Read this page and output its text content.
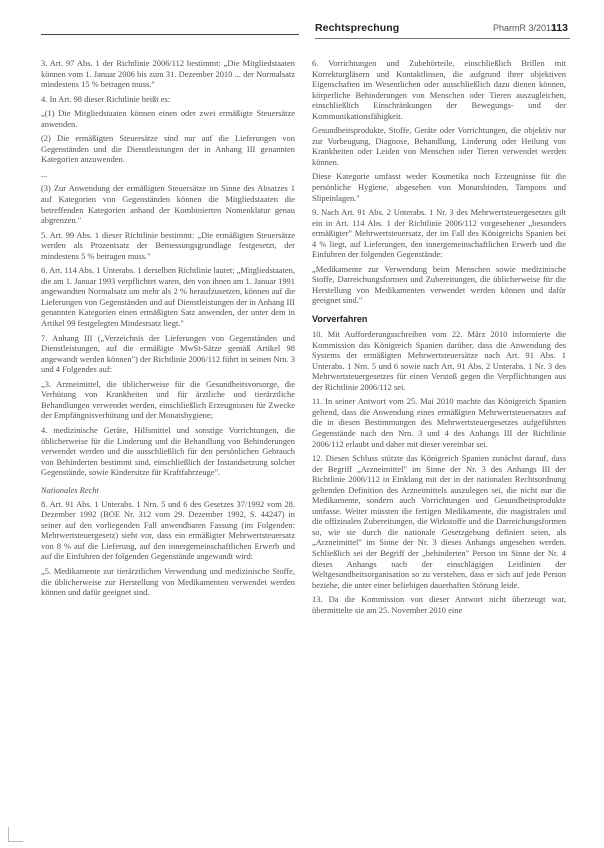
Rechtsprechung	PharmR 3/2013
113

3. Art. 97 Abs. 1 der Richtlinie 2006/112 bestimmt: „Die Mitgliedstaaten können vom 1. Januar 2006 bis zum 31. Dezember 2010 ... der Normalsatz mindestens 15 % betragen muss."

4. In Art. 98 dieser Richtlinie heißt es:

„(1) Die Mitgliedstaaten können einen oder zwei ermäßigte Steuersätze anwenden.

(2) Die ermäßigten Steuersätze sind nur auf die Lieferungen von Gegenständen und die Dienstleistungen der in Anhang III genannten Kategorien anzuwenden.

...

(3) Zur Anwendung der ermäßigten Steuersätze im Sinne des Absatzes 1 auf Kategorien von Gegenständen können die Mitgliedstaaten die betreffenden Kategorien anhand der Kombinierten Nomenklatur genau abgrenzen."

5. Art. 99 Abs. 1 dieser Richtlinie bestimmt: „Die ermäßigten Steuersätze werden als Prozentsatz der Bemessungsgrundlage festgesetzt, der mindestens 5 % betragen muss."

6. Art. 114 Abs. 1 Unterabs. 1 derselben Richtlinie lautet: „Mitgliedstaaten, die am 1. Januar 1993 verpflichtet waren, den von ihnen am 1. Januar 1991 angewandten Normalsatz um mehr als 2 % heraufzusetzen, können auf die Lieferungen von Gegenständen und auf Dienstleistungen der in Anhang III genannten Kategorien einen ermäßigten Satz anwenden, der unter dem in Artikel 99 festgelegten Mindestsatz liegt."

7. Anhang III („Verzeichnis der Lieferungen von Gegenständen und Dienstleistungen, auf die ermäßigte MwSt-Sätze gemäß Artikel 98 angewandt werden können") der Richtlinie 2006/112 führt in seinen Nrn. 3 und 4 Folgendes auf:

„3. Arzneimittel, die üblicherweise für die Gesundheitsvorsorge, die Verhütung von Krankheiten und für ärztliche und tierärztliche Behandlungen verwendet werden, einschließlich Erzeugnissen für Zwecke der Empfängnisverhütung und der Monatshygiene;

4. medizinische Geräte, Hilfsmittel und sonstige Vorrichtungen, die üblicherweise für die Linderung und die Behandlung von Behinderungen verwendet werden und die ausschließlich für den persönlichen Gebrauch von Behinderten bestimmt sind, einschließlich der Instandsetzung solcher Gegenstände, sowie Kindersitze für Kraftfahrzeuge".

Nationales Recht

8. Art. 91 Abs. 1 Unterabs. 1 Nrn. 5 und 6 des Gesetzes 37/1992 vom 28. Dezember 1992 (BOE Nr. 312 vom 29. Dezember 1992, S. 44247) in seiner auf den vorliegenden Fall anwendbaren Fassung (im Folgenden: Mehrwertsteuergesetz) sieht vor, dass ein ermäßigter Mehrwertsteuersatz von 8 % auf die Lieferung, auf den innergemeinschaftlichen Erwerb und auf die Einfuhren der folgenden Gegenstände angewandt wird:

„5. Medikamente zur tierärztlichen Verwendung und medizinische Stoffe, die üblicherweise zur Herstellung von Medikamenten verwendet werden können und dafür geeignet sind.

6. Vorrichtungen und Zubehörteile, einschließlich Brillen mit Korrekturgläsern und Kontaktlinsen, die aufgrund ihrer objektiven Eigenschaften im Wesentlichen oder ausschließlich dazu dienen können, körperliche Behinderungen von Menschen oder Tieren auszugleichen, einschließlich Einschränkungen der Bewegungs- und der Kommunikationsfähigkeit.

Gesundheitsprodukte, Stoffe, Geräte oder Vorrichtungen, die objektiv nur zur Vorbeugung, Diagnose, Behandlung, Linderung oder Heilung von Krankheiten oder Leiden von Menschen oder Tieren verwendet werden können.

Diese Kategorie umfasst weder Kosmetika noch Erzeugnisse für die persönliche Hygiene, abgesehen von Monatsbinden, Tampons und Slipeinlagen."

9. Nach Art. 91 Abs. 2 Unterabs. 1 Nr. 3 des Mehrwertsteuergesetzes gilt ein in Art. 114 Abs. 1 der Richtlinie 2006/112 vorgesehener „besonders ermäßigter" Mehrwertsteuersatz, der im Fall des Königreichs Spanien bei 4 % liegt, auf Lieferungen, den innergemeinschaftlichen Erwerb und die Einfuhren der folgenden Gegenstände:

„Medikamente zur Verwendung beim Menschen sowie medizinische Stoffe, Darreichungsformen und Zubereitungen, die üblicherweise für die Herstellung von Medikamenten verwendet werden können und dafür geeignet sind."

Vorverfahren

10. Mit Aufforderungsschreiben vom 22. März 2010 informierte die Kommission das Königreich Spanien darüber, dass die Anwendung des Systems der ermäßigten Mehrwertsteuersätze nach Art. 91 Abs. 1 Unterabs. 1 Nrn. 5 und 6 sowie nach Art. 91 Abs. 2 Unterabs. 1 Nr. 3 des Mehrwertsteuergesetzes für einen Verstoß gegen die Verpflichtungen aus der Richtlinie 2006/112 sei.

11. In seiner Antwort vom 25. Mai 2010 machte das Königreich Spanien geltend, dass die Anwendung eines ermäßigten Mehrwertsteuersatzes auf die in diesen Bestimmungen des Mehrwertsteuergesetzes aufgeführten Gegenstände nach den Nrn. 3 und 4 des Anhangs III der Richtlinie 2006/112 erlaubt und daher mit dieser vereinbar sei.

12. Diesen Schluss stützte das Königreich Spanien zunächst darauf, dass der Begriff „Arzneimittel" im Sinne der Nr. 3 des Anhangs III der Richtlinie 2006/112 in Einklang mit der in der nationalen Rechtsordnung geltenden Definition des Arzneimittels auszulegen sei, die nicht nur die Medikamente, sondern auch Vorrichtungen und Gesundheitsprodukte umfasse. Weiter müssten die fertigen Medikamente, die magistralen und die offizinalen Zubereitungen, die Wirkstoffe und die Darreichungsformen so, wie sie durch die nationale Gesetzgebung definiert seien, als „Arzneimittel" im Sinne der Nr. 3 dieses Anhangs angesehen werden. Schließlich sei der Begriff der „behinderten" Person im Sinne der Nr. 4 dieses Anhangs nach der einschlägigen Leitlinien der Weltgesundheitsorganisation so zu verstehen, dass er sich auf jede Person beziehe, die unter einer beliebigen dauerhaften Störung leide.

13. Da die Kommission von dieser Antwort nicht überzeugt war, übermittelte sie am 25. November 2010 eine
